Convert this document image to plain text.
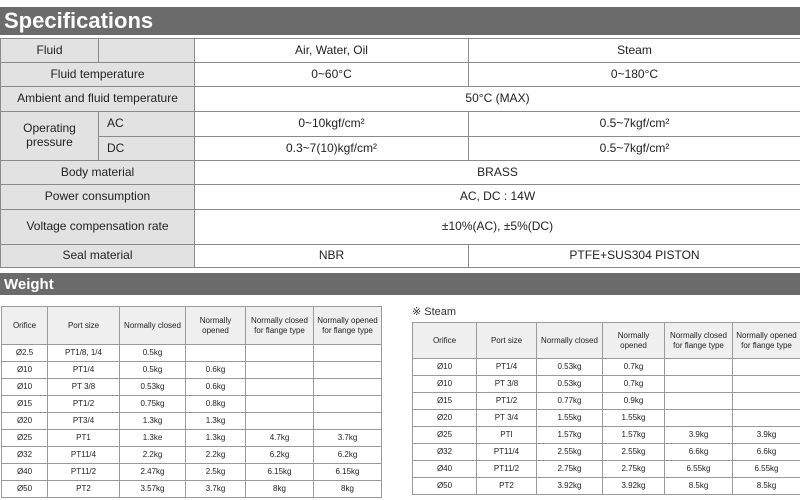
Specifications
Fluid		Air, Water, Oil	Steam
Fluid temperature		0~60°C	0~180°C
Ambient and fluid temperature		50°C (MAX)	
Operating pressure	AC	0~10kgf/cm²	0.5~7kgf/cm²
	DC	0.3~7(10)kgf/cm²	0.5~7kgf/cm²
Body material		BRASS	
Power consumption		AC, DC : 14W	
Voltage compensation rate		±10%(AC), ±5%(DC)	
Seal material		NBR	PTFE+SUS304 PISTON
Weight
Orifice	Port size	Normally closed	Normally opened	Normally closed for flange type	Normally opened for flange type
Ø2.5	PT1/8, 1/4	0.5kg			
Ø10	PT1/4	0.5kg	0.6kg		
Ø10	PT 3/8	0.53kg	0.6kg		
Ø15	PT1/2	0.75kg	0.8kg		
Ø20	PT3/4	1.3kg	1.3kg		
Ø25	PT1	1.3ke	1.3kg	4.7kg	3.7kg
Ø32	PT11/4	2.2kg	2.2kg	6.2kg	6.2kg
Ø40	PT11/2	2.47kg	2.5kg	6.15kg	6.15kg
Ø50	PT2	3.57kg	3.7kg	8kg	8kg
※ Steam
Orifice	Port size	Normally closed	Normally opened	Normally closed for flange type	Normally opened for flange type
Ø10	PT1/4	0.53kg	0.7kg		
Ø10	PT 3/8	0.53kg	0.7kg		
Ø15	PT1/2	0.77kg	0.9kg		
Ø20	PT 3/4	1.55kg	1.55kg		
Ø25	PTI	1.57kg	1.57kg	3.9kg	3.9kg
Ø32	PT11/4	2.55kg	2.55kg	6.6kg	6.6kg
Ø40	PT11/2	2.75kg	2.75kg	6.55kg	6.55kg
Ø50	PT2	3.92kg	3.92kg	8.5kg	8.5kg
